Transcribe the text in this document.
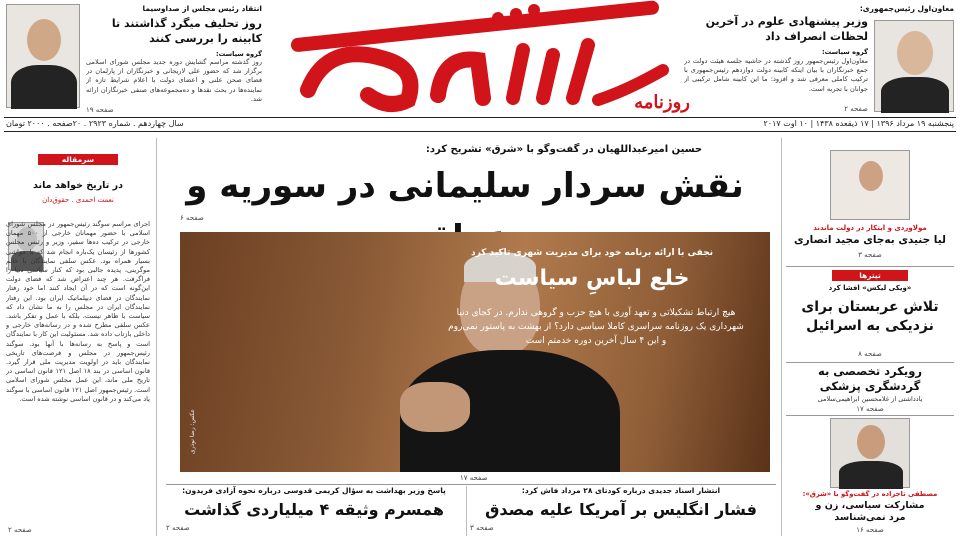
روزنامه
پنجشنبه ۱۹ مرداد ۱۳۹۶ | ۱۷ ذیقعده ۱۴۳۸ | ۱۰ اوت ۲۰۱۷
سال چهاردهم . شماره ۲۹۲۳ . ۲۰صفحه . ۲۰۰۰ تومان
معاون‌اول رئیس‌جمهوری:
وزیر پیشنهادی علوم در آخرین لحظات انصراف داد
گروه سیاست:
معاون‌اول رئیس‌جمهور روز گذشته در حاشیه جلسه هیئت دولت در جمع خبرنگاران با بیان اینکه کابینه دولت دوازدهم رئیس‌جمهوری با ترکیب کاملی معرفی شد و افزود: ما این کابینه شامل ترکیبی از جوانان با تجربه است.
صفحه ۲
انتقاد رئیس مجلس از صداوسیما
روز تحلیف میگرد گذاشتند تا کابینه را بررسی کنند
گروه سیاست:
روز گذشته مراسم گشایش دوره جدید مجلس شورای اسلامی برگزار شد که حضور علی لاریجانی و خبرنگاران از پارلمان در فضای صحن علنی و اعضای دولت با اعلام شرایط تازه از نماینده‌ها در بحث نقدها و ده‌مجموعه‌های صنفی خبرنگاران ارائه شد.
صفحه ۱۹
مولاوردی و ابتکار در دولت ماندند
لیا جنیدی به‌جای مجید انصاری
صفحه ۳
تیترها
«ویکی لیکس» افشا کرد
تلاش عربستان برای نزدیکی به اسرائیل
صفحه ۸
رویکرد تخصصی به گردشگری پزشکی
یادداشتی از غلامحسین ابراهیمی‌سلامی
صفحه ۱۷
مصطفی تاجزاده در گفت‌وگو با «شرق»:
مشارکت سیاسی، زن و مرد نمی‌شناسد
صفحه ۱۶
سرمقاله
در تاریخ خواهد ماند
نعمت احمدی . حقوق‌دان
اجرای مراسم سوگند رئیس‌جمهور در مجلس شورای اسلامی با حضور مهمانان خارجی از ۵۰۰ مهمان خارجی در ترکیب ده‌ها سفیر، وزیر و رئیس مجلس کشورها از رئیسان یک‌باره انجام شد که با حواشی بسیار همراه بود. عکس سلفی نمایندگان با خانم موگرینی، پدیده جالبی بود که کنار سیاسی دنیا را فراگرفت. هر چند اعتراض شد که فضای دولت این‌گونه است که در آن ایجاد کنند اما خود رفتار نمایندگان در فضای دیپلماتیک ایران بود. این رفتار نمایندگان ایران در مجلس را به ما نشان داد که سیاست با ظاهر نیست، بلکه با عمل و تفکر باشد. عکس سلفی مطرح شده و در رسانه‌های خارجی و داخلی بازتاب داده شد. مسئولیت این کار با نمایندگان است و پاسخ به رسانه‌ها با آنها بود. سوگند رئیس‌جمهور در مجلس و فرصت‌های تاریخی نمایندگان باید در اولویت مدیریت ملی قرار گیرد. قانون اساسی در بند ۱۸ اصل ۱۲۱ قانون اساسی در تاریخ ملی ماند، این عمل مجلس شورای اسلامی است. رئیس‌جمهور اصل ۱۲۱ قانون اساسی با سوگند یاد می‌کند و در قانون اساسی نوشته شده است.
صفحه ۲
حسین امیرعبداللهیان در گفت‌وگو با «شرق» تشریح کرد:
نقش سردار سلیمانی در سوریه و
صفحه ۶
نجفی با ارائه برنامه خود برای مدیریت شهری تاکید کرد
خلع لباسِ سیاست
هیچ ارتباط تشکیلاتی و تعهد آوری با هیچ حزب و گروهی ندارم. در کجای دنیا شهرداری یک روزنامه سراسری کاملا سیاسی دارد؟ از بهشت به پاستور نمی‌روم و این ۴ سال آخرین دوره خدمتم است
عکس: رضا نوذری
صفحه ۱۷
انتشار اسناد جدیدی درباره کودتای ۲۸ مرداد فاش کرد:
فشار انگلیس بر آمریکا علیه مصدق
صفحه ۳
پاسخ وزیر بهداشت به سؤال کریمی قدوسی درباره نحوه آزادی فریدون:
همسرم وثیقه ۴ میلیاردی گذاشت
صفحه ۲
